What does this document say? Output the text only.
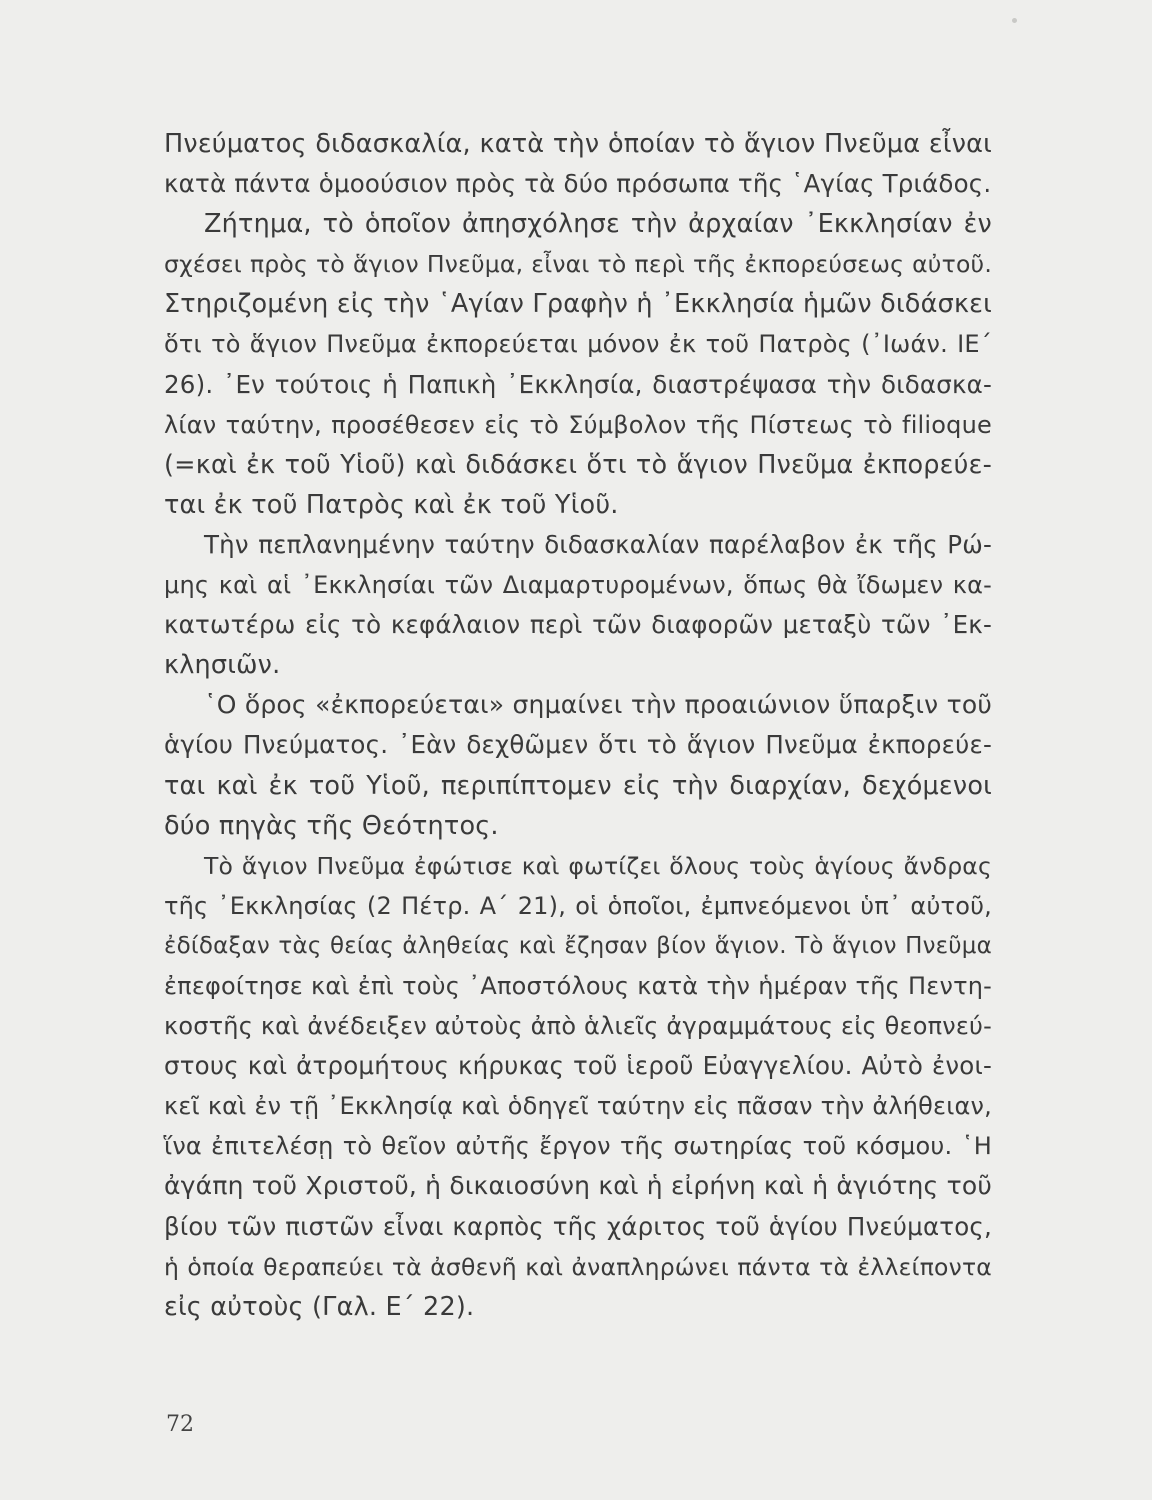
Πνεύματος διδασκαλία, κατὰ τὴν ὁποίαν τὸ ἅγιον Πνεῦμα εἶναι
κατὰ πάντα ὁμοούσιον πρὸς τὰ δύο πρόσωπα τῆς ῾Αγίας Τριάδος.
Ζήτημα, τὸ ὁποῖον ἀπησχόλησε τὴν ἀρχαίαν ᾿Εκκλησίαν ἐν
σχέσει πρὸς τὸ ἅγιον Πνεῦμα, εἶναι τὸ περὶ τῆς ἐκπορεύσεως αὐτοῦ.
Στηριζομένη εἰς τὴν ῾Αγίαν Γραφὴν ἡ ᾿Εκκλησία ἡμῶν διδάσκει
ὅτι τὸ ἅγιον Πνεῦμα ἐκπορεύεται μόνον ἐκ τοῦ Πατρὸς (᾿Ιωάν. ΙΕ΄
26). ᾿Εν τούτοις ἡ Παπικὴ ᾿Εκκλησία, διαστρέψασα τὴν διδασκα-
λίαν ταύτην, προσέθεσεν εἰς τὸ Σύμβολον τῆς Πίστεως τὸ filioque
(=καὶ ἐκ τοῦ Υἱοῦ) καὶ διδάσκει ὅτι τὸ ἅγιον Πνεῦμα ἐκπορεύε-
ται ἐκ τοῦ Πατρὸς καὶ ἐκ τοῦ Υἱοῦ.
Τὴν πεπλανημένην ταύτην διδασκαλίαν παρέλαβον ἐκ τῆς Ρώ-
μης καὶ αἱ ᾿Εκκλησίαι τῶν Διαμαρτυρομένων, ὅπως θὰ ἴδωμεν κα-
κατωτέρω εἰς τὸ κεφάλαιον περὶ τῶν διαφορῶν μεταξὺ τῶν ᾿Εκ-
κλησιῶν.
῾Ο ὅρος «ἐκπορεύεται» σημαίνει τὴν προαιώνιον ὕπαρξιν τοῦ
ἁγίου Πνεύματος. ᾿Εὰν δεχθῶμεν ὅτι τὸ ἅγιον Πνεῦμα ἐκπορεύε-
ται καὶ ἐκ τοῦ Υἱοῦ, περιπίπτομεν εἰς τὴν διαρχίαν, δεχόμενοι
δύο πηγὰς τῆς Θεότητος.
Τὸ ἅγιον Πνεῦμα ἐφώτισε καὶ φωτίζει ὅλους τοὺς ἁγίους ἄνδρας
τῆς ᾿Εκκλησίας (2 Πέτρ. Α΄ 21), οἱ ὁποῖοι, ἐμπνεόμενοι ὑπ᾿ αὐτοῦ,
ἐδίδαξαν τὰς θείας ἀληθείας καὶ ἔζησαν βίον ἅγιον. Τὸ ἅγιον Πνεῦμα
ἐπεφοίτησε καὶ ἐπὶ τοὺς ᾿Αποστόλους κατὰ τὴν ἡμέραν τῆς Πεντη-
κοστῆς καὶ ἀνέδειξεν αὐτοὺς ἀπὸ ἁλιεῖς ἀγραμμάτους εἰς θεοπνεύ-
στους καὶ ἀτρομήτους κήρυκας τοῦ ἱεροῦ Εὐαγγελίου. Αὐτὸ ἐνοι-
κεῖ καὶ ἐν τῇ ᾿Εκκλησίᾳ καὶ ὁδηγεῖ ταύτην εἰς πᾶσαν τὴν ἀλήθειαν,
ἵνα ἐπιτελέσῃ τὸ θεῖον αὐτῆς ἔργον τῆς σωτηρίας τοῦ κόσμου. ῾Η
ἀγάπη τοῦ Χριστοῦ, ἡ δικαιοσύνη καὶ ἡ εἰρήνη καὶ ἡ ἁγιότης τοῦ
βίου τῶν πιστῶν εἶναι καρπὸς τῆς χάριτος τοῦ ἁγίου Πνεύματος,
ἡ ὁποία θεραπεύει τὰ ἀσθενῆ καὶ ἀναπληρώνει πάντα τὰ ἐλλείποντα
εἰς αὐτοὺς (Γαλ. Ε΄ 22).
72
